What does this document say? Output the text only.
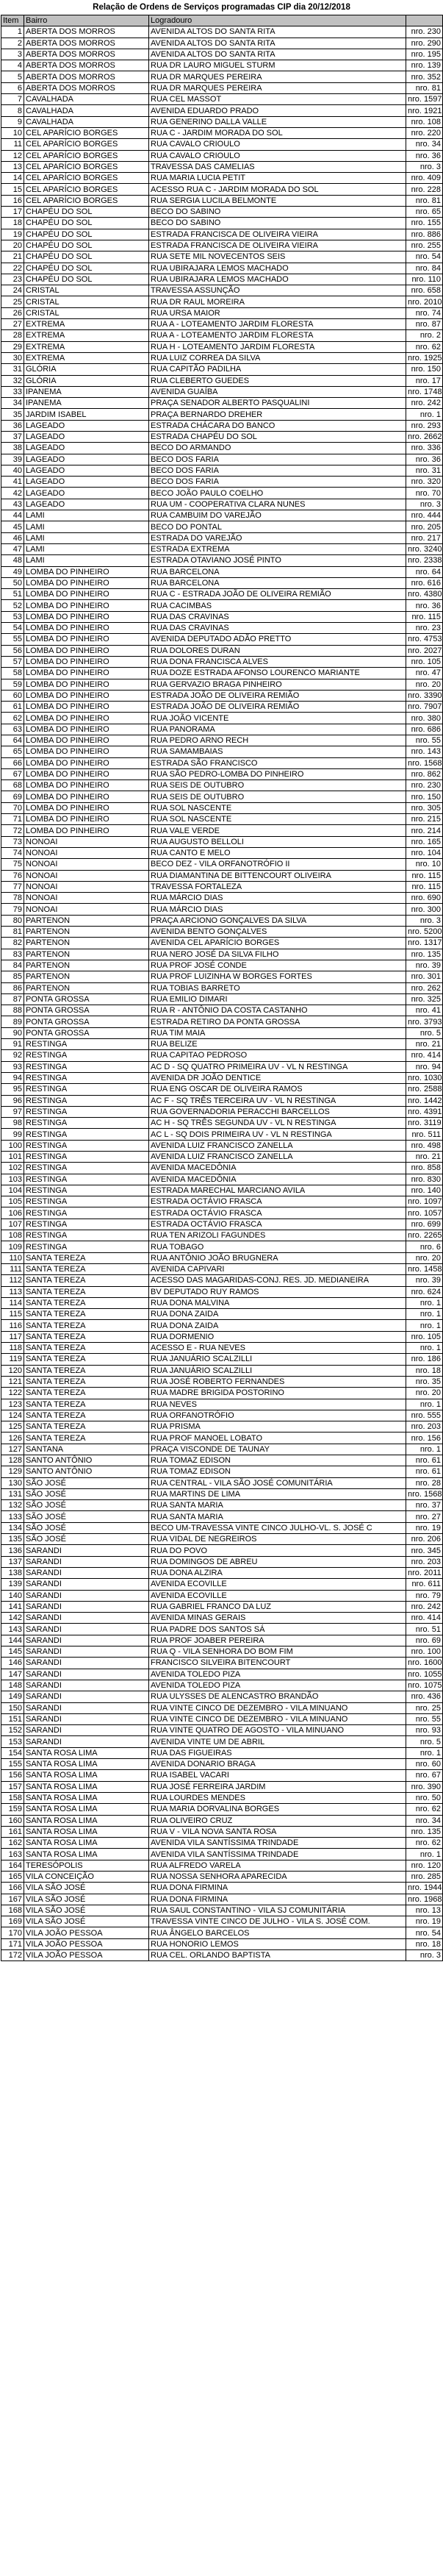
Relação de Ordens de Serviços programadas CIP dia 20/12/2018
Item	Bairro	Logradouro	
1	ABERTA DOS MORROS	AVENIDA ALTOS DO SANTA RITA	nro. 230
2	ABERTA DOS MORROS	AVENIDA ALTOS DO SANTA RITA	nro. 290
3	ABERTA DOS MORROS	AVENIDA ALTOS DO SANTA RITA	nro. 195
4	ABERTA DOS MORROS	RUA DR LAURO MIGUEL STURM	nro. 139
5	ABERTA DOS MORROS	RUA DR MARQUES PEREIRA	nro. 352
6	ABERTA DOS MORROS	RUA DR MARQUES PEREIRA	nro. 81
7	CAVALHADA	RUA CEL MASSOT	nro. 1597
8	CAVALHADA	AVENIDA EDUARDO PRADO	nro. 1921
9	CAVALHADA	RUA GENERINO DALLA VALLE	nro. 108
10	CEL APARÍCIO BORGES	RUA C - JARDIM MORADA DO SOL	nro. 220
11	CEL APARÍCIO BORGES	RUA CAVALO CRIOULO	nro. 34
12	CEL APARÍCIO BORGES	RUA CAVALO CRIOULO	nro. 36
13	CEL APARÍCIO BORGES	TRAVESSA DAS CAMELIAS	nro. 3
14	CEL APARÍCIO BORGES	RUA MARIA LUCIA PETIT	nro. 409
15	CEL APARÍCIO BORGES	ACESSO RUA C - JARDIM MORADA DO SOL	nro. 228
16	CEL APARÍCIO BORGES	RUA SERGIA LUCILA BELMONTE	nro. 81
17	CHAPÉU DO SOL	BECO DO SABINO	nro. 65
18	CHAPÉU DO SOL	BECO DO SABINO	nro. 155
19	CHAPÉU DO SOL	ESTRADA FRANCISCA DE OLIVEIRA VIEIRA	nro. 886
20	CHAPÉU DO SOL	ESTRADA FRANCISCA DE OLIVEIRA VIEIRA	nro. 255
21	CHAPÉU DO SOL	RUA SETE MIL NOVECENTOS SEIS	nro. 54
22	CHAPÉU DO SOL	RUA UBIRAJARA LEMOS MACHADO	nro. 84
23	CHAPÉU DO SOL	RUA UBIRAJARA LEMOS MACHADO	nro. 110
24	CRISTAL	TRAVESSA ASSUNÇÃO	nro. 658
25	CRISTAL	RUA DR RAUL MOREIRA	nro. 2010
26	CRISTAL	RUA URSA MAIOR	nro. 74
27	EXTREMA	RUA A - LOTEAMENTO JARDIM FLORESTA	nro. 87
28	EXTREMA	RUA A - LOTEAMENTO JARDIM FLORESTA	nro. 2
29	EXTREMA	RUA H - LOTEAMENTO JARDIM FLORESTA	nro. 62
30	EXTREMA	RUA LUIZ CORREA DA SILVA	nro. 1925
31	GLÓRIA	RUA CAPITÃO PADILHA	nro. 150
32	GLÓRIA	RUA CLEBERTO GUEDES	nro. 17
33	IPANEMA	AVENIDA GUAÍBA	nro. 1748
34	IPANEMA	PRAÇA SENADOR ALBERTO PASQUALINI	nro. 242
35	JARDIM ISABEL	PRAÇA BERNARDO DREHER	nro. 1
36	LAGEADO	ESTRADA CHÁCARA DO BANCO	nro. 293
37	LAGEADO	ESTRADA CHAPÉU DO SOL	nro. 2662
38	LAGEADO	BECO DO ARMANDO	nro. 336
39	LAGEADO	BECO DOS FARIA	nro. 36
40	LAGEADO	BECO DOS FARIA	nro. 31
41	LAGEADO	BECO DOS FARIA	nro. 320
42	LAGEADO	BECO JOÃO PAULO COELHO	nro. 70
43	LAGEADO	RUA UM - COOPERATIVA CLARA NUNES	nro. 3
44	LAMI	RUA CAMBUIM DO VAREJÃO	nro. 444
45	LAMI	BECO DO PONTAL	nro. 205
46	LAMI	ESTRADA DO VAREJÃO	nro. 217
47	LAMI	ESTRADA EXTREMA	nro. 3240
48	LAMI	ESTRADA OTAVIANO JOSÉ PINTO	nro. 2338
49	LOMBA DO PINHEIRO	RUA BARCELONA	nro. 64
50	LOMBA DO PINHEIRO	RUA BARCELONA	nro. 616
51	LOMBA DO PINHEIRO	RUA C - ESTRADA JOÃO DE OLIVEIRA REMIÃO	nro. 4380
52	LOMBA DO PINHEIRO	RUA CACIMBAS	nro. 36
53	LOMBA DO PINHEIRO	RUA DAS CRAVINAS	nro. 115
54	LOMBA DO PINHEIRO	RUA DAS CRAVINAS	nro. 23
55	LOMBA DO PINHEIRO	AVENIDA DEPUTADO ADÃO PRETTO	nro. 4753
56	LOMBA DO PINHEIRO	RUA DOLORES DURAN	nro. 2027
57	LOMBA DO PINHEIRO	RUA DONA FRANCISCA ALVES	nro. 105
58	LOMBA DO PINHEIRO	RUA DOZE ESTRADA AFONSO LOURENCO MARIANTE	nro. 47
59	LOMBA DO PINHEIRO	RUA GERVAZIO BRAGA PINHEIRO	nro. 20
60	LOMBA DO PINHEIRO	ESTRADA JOÃO DE OLIVEIRA REMIÃO	nro. 3390
61	LOMBA DO PINHEIRO	ESTRADA JOÃO DE OLIVEIRA REMIÃO	nro. 7907
62	LOMBA DO PINHEIRO	RUA JOÃO VICENTE	nro. 380
63	LOMBA DO PINHEIRO	RUA PANORAMA	nro. 686
64	LOMBA DO PINHEIRO	RUA PEDRO ARNO RECH	nro. 55
65	LOMBA DO PINHEIRO	RUA SAMAMBAIAS	nro. 143
66	LOMBA DO PINHEIRO	ESTRADA SÃO FRANCISCO	nro. 1568
67	LOMBA DO PINHEIRO	RUA SÃO PEDRO-LOMBA DO PINHEIRO	nro. 862
68	LOMBA DO PINHEIRO	RUA SEIS DE OUTUBRO	nro. 230
69	LOMBA DO PINHEIRO	RUA SEIS DE OUTUBRO	nro. 150
70	LOMBA DO PINHEIRO	RUA SOL NASCENTE	nro. 305
71	LOMBA DO PINHEIRO	RUA SOL NASCENTE	nro. 215
72	LOMBA DO PINHEIRO	RUA VALE VERDE	nro. 214
73	NONOAI	RUA AUGUSTO BELLOLI	nro. 165
74	NONOAI	RUA CANTO E MELO	nro. 104
75	NONOAI	BECO DEZ - VILA ORFANOTRÓFIO II	nro. 10
76	NONOAI	RUA DIAMANTINA DE BITTENCOURT OLIVEIRA	nro. 115
77	NONOAI	TRAVESSA FORTALEZA	nro. 115
78	NONOAI	RUA MÁRCIO DIAS	nro. 690
79	NONOAI	RUA MÁRCIO DIAS	nro. 300
80	PARTENON	PRAÇA ARCIONO GONÇALVES DA SILVA	nro. 3
81	PARTENON	AVENIDA BENTO GONÇALVES	nro. 5200
82	PARTENON	AVENIDA CEL APARÍCIO BORGES	nro. 1317
83	PARTENON	RUA NERO JOSÉ DA SILVA FILHO	nro. 135
84	PARTENON	RUA PROF JOSÉ CONDE	nro. 39
85	PARTENON	RUA PROF LUIZINHA W BORGES FORTES	nro. 301
86	PARTENON	RUA TOBIAS BARRETO	nro. 262
87	PONTA GROSSA	RUA EMILIO DIMARI	nro. 325
88	PONTA GROSSA	RUA R - ANTÔNIO DA COSTA CASTANHO	nro. 41
89	PONTA GROSSA	ESTRADA RETIRO DA PONTA GROSSA	nro. 3793
90	PONTA GROSSA	RUA TIM MAIA	nro. 5
91	RESTINGA	RUA BELIZE	nro. 21
92	RESTINGA	RUA CAPITAO PEDROSO	nro. 414
93	RESTINGA	AC D - SQ QUATRO PRIMEIRA UV - VL N RESTINGA	nro. 94
94	RESTINGA	AVENIDA DR JOÃO DENTICE	nro. 1030
95	RESTINGA	RUA ENG OSCAR DE OLIVEIRA RAMOS	nro. 2588
96	RESTINGA	AC F - SQ TRÊS TERCEIRA UV - VL N RESTINGA	nro. 1442
97	RESTINGA	RUA GOVERNADORIA PERACCHI BARCELLOS	nro. 4391
98	RESTINGA	AC H - SQ TRÊS SEGUNDA UV - VL N RESTINGA	nro. 3119
99	RESTINGA	AC L - SQ DOIS PRIMEIRA UV - VL N RESTINGA	nro. 511
100	RESTINGA	AVENIDA LUIZ FRANCISCO ZANELLA	nro. 498
101	RESTINGA	AVENIDA LUIZ FRANCISCO ZANELLA	nro. 21
102	RESTINGA	AVENIDA MACEDÔNIA	nro. 858
103	RESTINGA	AVENIDA MACEDÔNIA	nro. 830
104	RESTINGA	ESTRADA MARECHAL MARCIANO AVILA	nro. 140
105	RESTINGA	ESTRADA OCTÁVIO FRASCA	nro. 1097
106	RESTINGA	ESTRADA OCTÁVIO FRASCA	nro. 1057
107	RESTINGA	ESTRADA OCTÁVIO FRASCA	nro. 699
108	RESTINGA	RUA TEN ARIZOLI FAGUNDES	nro. 2265
109	RESTINGA	RUA TOBAGO	nro. 6
110	SANTA TEREZA	RUA ANTÔNIO JOÃO BRUGNERA	nro. 20
111	SANTA TEREZA	AVENIDA CAPIVARI	nro. 1458
112	SANTA TEREZA	ACESSO DAS MAGARIDAS-CONJ. RES. JD. MEDIANEIRA	nro. 39
113	SANTA TEREZA	BV DEPUTADO RUY RAMOS	nro. 624
114	SANTA TEREZA	RUA DONA MALVINA	nro. 1
115	SANTA TEREZA	RUA DONA ZAIDA	nro. 1
116	SANTA TEREZA	RUA DONA ZAIDA	nro. 1
117	SANTA TEREZA	RUA DORMENIO	nro. 105
118	SANTA TEREZA	ACESSO E - RUA NEVES	nro. 1
119	SANTA TEREZA	RUA JANUÁRIO SCALZILLI	nro. 186
120	SANTA TEREZA	RUA JANUÁRIO SCALZILLI	nro. 18
121	SANTA TEREZA	RUA JOSÉ ROBERTO FERNANDES	nro. 35
122	SANTA TEREZA	RUA MADRE BRIGIDA POSTORINO	nro. 20
123	SANTA TEREZA	RUA NEVES	nro. 1
124	SANTA TEREZA	RUA ORFANOTRÓFIO	nro. 555
125	SANTA TEREZA	RUA PRISMA	nro. 203
126	SANTA TEREZA	RUA PROF MANOEL LOBATO	nro. 156
127	SANTANA	PRAÇA VISCONDE DE TAUNAY	nro. 1
128	SANTO ANTÔNIO	RUA TOMAZ EDISON	nro. 61
129	SANTO ANTÔNIO	RUA TOMAZ EDISON	nro. 61
130	SÃO JOSÉ	RUA CENTRAL - VILA SÃO JOSÉ COMUNITÁRIA	nro. 28
131	SÃO JOSÉ	RUA MARTINS DE LIMA	nro. 1568
132	SÃO JOSÉ	RUA SANTA MARIA	nro. 37
133	SÃO JOSÉ	RUA SANTA MARIA	nro. 27
134	SÃO JOSÉ	BECO UM-TRAVESSA VINTE CINCO JULHO-VL. S. JOSÉ C	nro. 19
135	SÃO JOSÉ	RUA VIDAL DE NEGREIROS	nro. 206
136	SARANDI	RUA DO POVO	nro. 345
137	SARANDI	RUA DOMINGOS DE ABREU	nro. 203
138	SARANDI	RUA DONA ALZIRA	nro. 2011
139	SARANDI	AVENIDA ECOVILLE	nro. 611
140	SARANDI	AVENIDA ECOVILLE	nro. 79
141	SARANDI	RUA GABRIEL FRANCO DA LUZ	nro. 242
142	SARANDI	AVENIDA MINAS GERAIS	nro. 414
143	SARANDI	RUA PADRE DOS SANTOS SÁ	nro. 51
144	SARANDI	RUA PROF JOABER PEREIRA	nro. 69
145	SARANDI	RUA Q - VILA SENHORA DO BOM FIM	nro. 100
146	SARANDI	FRANCISCO SILVEIRA BITENCOURT	nro. 1600
147	SARANDI	AVENIDA TOLEDO PIZA	nro. 1055
148	SARANDI	AVENIDA TOLEDO PIZA	nro. 1075
149	SARANDI	RUA ULYSSES DE ALENCASTRO BRANDÃO	nro. 436
150	SARANDI	RUA VINTE CINCO DE DEZEMBRO - VILA MINUANO	nro. 25
151	SARANDI	RUA VINTE CINCO DE DEZEMBRO - VILA MINUANO	nro. 55
152	SARANDI	RUA VINTE QUATRO DE AGOSTO - VILA MINUANO	nro. 93
153	SARANDI	AVENIDA VINTE UM DE ABRIL	nro. 5
154	SANTA ROSA LIMA	RUA DAS FIGUEIRAS	nro. 1
155	SANTA ROSA LIMA	AVENIDA DONARIO BRAGA	nro. 60
156	SANTA ROSA LIMA	RUA ISABEL VACARI	nro. 67
157	SANTA ROSA LIMA	RUA JOSÉ FERREIRA JARDIM	nro. 390
158	SANTA ROSA LIMA	RUA LOURDES MENDES	nro. 50
159	SANTA ROSA LIMA	RUA MARIA DORVALINA BORGES	nro. 62
160	SANTA ROSA LIMA	RUA OLIVEIRO CRUZ	nro. 34
161	SANTA ROSA LIMA	RUA V - VILA NOVA SANTA ROSA	nro. 135
162	SANTA ROSA LIMA	AVENIDA VILA SANTÍSSIMA TRINDADE	nro. 62
163	SANTA ROSA LIMA	AVENIDA VILA SANTÍSSIMA TRINDADE	nro. 1
164	TERESÓPOLIS	RUA ALFREDO VARELA	nro. 120
165	VILA CONCEIÇÃO	RUA NOSSA SENHORA APARECIDA	nro. 285
166	VILA SÃO JOSÉ	RUA DONA FIRMINA	nro. 1944
167	VILA SÃO JOSÉ	RUA DONA FIRMINA	nro. 1968
168	VILA SÃO JOSÉ	RUA SAUL CONSTANTINO - VILA SJ COMUNITÁRIA	nro. 13
169	VILA SÃO JOSÉ	TRAVESSA VINTE CINCO DE JULHO - VILA S. JOSÉ COM.	nro. 19
170	VILA JOÃO PESSOA	RUA ÂNGELO BARCELOS	nro. 54
171	VILA JOÃO PESSOA	RUA HONORIO LEMOS	nro. 18
172	VILA JOÃO PESSOA	RUA CEL. ORLANDO BAPTISTA	nro. 3
